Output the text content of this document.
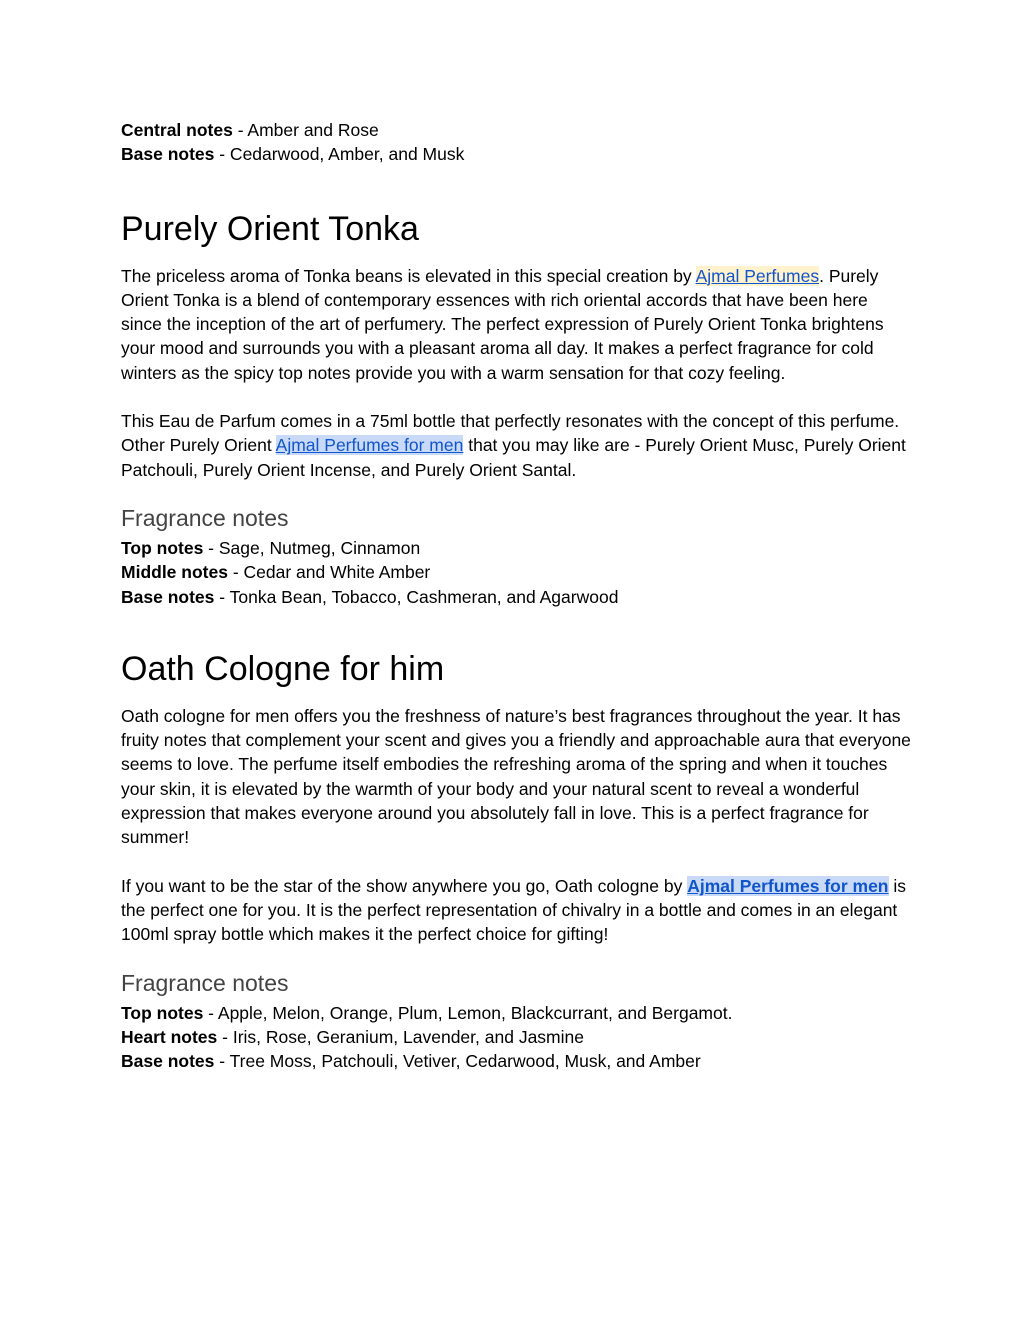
Central notes - Amber and Rose
Base notes - Cedarwood, Amber, and Musk
Purely Orient Tonka

The priceless aroma of Tonka beans is elevated in this special creation by Ajmal Perfumes. Purely Orient Tonka is a blend of contemporary essences with rich oriental accords that have been here since the inception of the art of perfumery. The perfect expression of Purely Orient Tonka brightens your mood and surrounds you with a pleasant aroma all day. It makes a perfect fragrance for cold winters as the spicy top notes provide you with a warm sensation for that cozy feeling.

This Eau de Parfum comes in a 75ml bottle that perfectly resonates with the concept of this perfume. Other Purely Orient Ajmal Perfumes for men that you may like are - Purely Orient Musc, Purely Orient Patchouli, Purely Orient Incense, and Purely Orient Santal.

Fragrance notes
Top notes - Sage, Nutmeg, Cinnamon
Middle notes - Cedar and White Amber
Base notes - Tonka Bean, Tobacco, Cashmeran, and Agarwood
Oath Cologne for him

Oath cologne for men offers you the freshness of nature’s best fragrances throughout the year. It has fruity notes that complement your scent and gives you a friendly and approachable aura that everyone seems to love. The perfume itself embodies the refreshing aroma of the spring and when it touches your skin, it is elevated by the warmth of your body and your natural scent to reveal a wonderful expression that makes everyone around you absolutely fall in love. This is a perfect fragrance for summer!

If you want to be the star of the show anywhere you go, Oath cologne by Ajmal Perfumes for men is the perfect one for you. It is the perfect representation of chivalry in a bottle and comes in an elegant 100ml spray bottle which makes it the perfect choice for gifting!

Fragrance notes
Top notes - Apple, Melon, Orange, Plum, Lemon, Blackcurrant, and Bergamot.
Heart notes - Iris, Rose, Geranium, Lavender, and Jasmine
Base notes - Tree Moss, Patchouli, Vetiver, Cedarwood, Musk, and Amber
